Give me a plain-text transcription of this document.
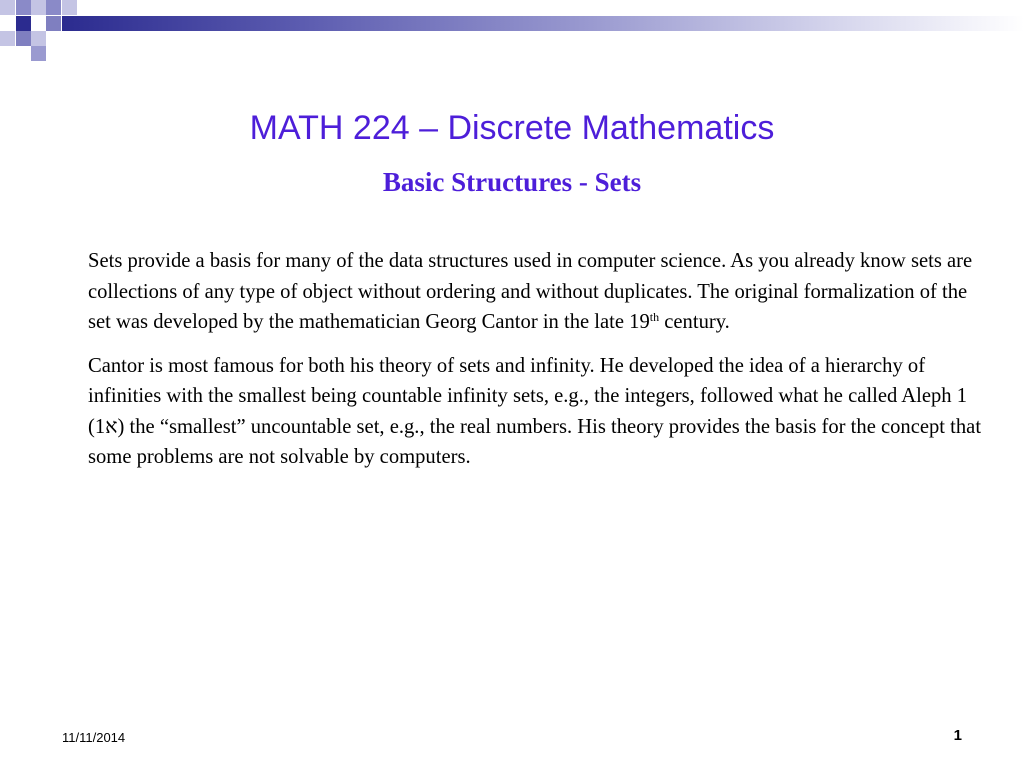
MATH 224 – Discrete Mathematics
Basic Structures - Sets

Sets provide a basis for many of the data structures used in computer science. As you already know sets are collections of any type of object without ordering and without duplicates. The original formalization of the set was developed by the mathematician Georg Cantor in the late 19th century.

Cantor is most famous for both his theory of sets and infinity. He developed the idea of a hierarchy of infinities with the smallest being countable infinity sets, e.g., the integers, followed what he called Aleph 1 (⁨1⁩א) the “smallest” uncountable set, e.g., the real numbers. His theory provides the basis for the concept that some problems are not solvable by computers.

11/11/2014	1
